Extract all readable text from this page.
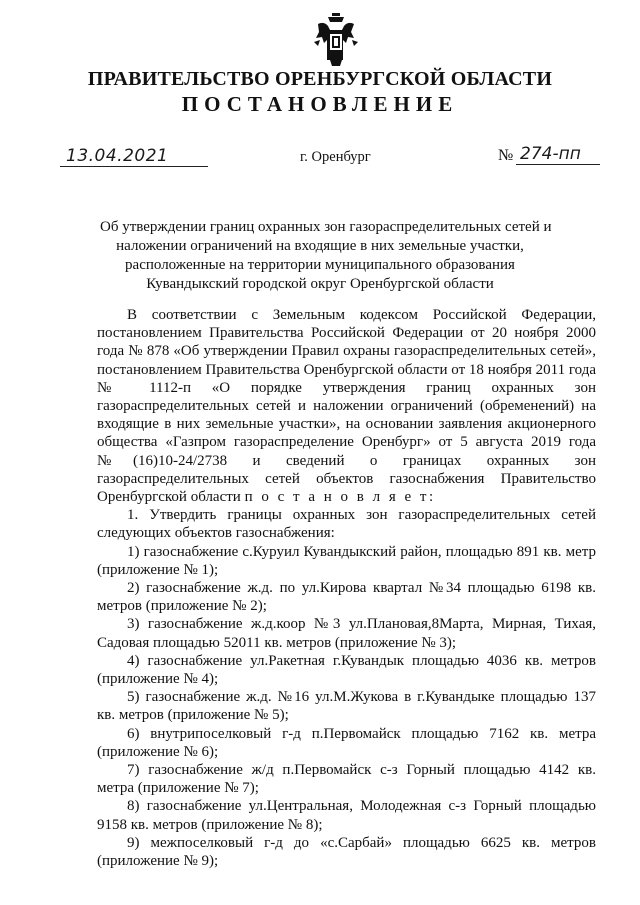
ПРАВИТЕЛЬСТВО ОРЕНБУРГСКОЙ ОБЛАСТИ
ПОСТАНОВЛЕНИЕ
13.04.2021	г. Оренбург	№ 274-пп
Об утверждении границ охранных зон газораспределительных сетей и
наложении ограничений на входящие в них земельные участки,
расположенные на территории муниципального образования
Кувандыкский городской округ Оренбургской области

В соответствии с Земельным кодексом Российской Федерации, постановлением Правительства Российской Федерации от 20 ноября 2000 года № 878 «Об утверждении Правил охраны газораспределительных сетей», постановлением Правительства Оренбургской области от 18 ноября 2011 года № 1112-п «О порядке утверждения границ охранных зон газораспределительных сетей и наложении ограничений (обременений) на входящие в них земельные участки», на основании заявления акционерного общества «Газпром газораспределение Оренбург» от 5 августа 2019 года №(16)10-24/2738 и сведений о границах охранных зон газораспределительных сетей объектов газоснабжения Правительство Оренбургской области п о с т а н о в л я е т:

1. Утвердить границы охранных зон газораспределительных сетей следующих объектов газоснабжения:

1) газоснабжение с.Куруил Кувандыкский район, площадью 891 кв. метр (приложение № 1);

2) газоснабжение ж.д. по ул.Кирова квартал №34 площадью 6198 кв. метров (приложение № 2);

3) газоснабжение ж.д.коор №3 ул.Плановая,8Марта, Мирная, Тихая, Садовая площадью 52011 кв. метров (приложение № 3);

4) газоснабжение ул.Ракетная г.Кувандык площадью 4036 кв. метров (приложение № 4);

5) газоснабжение ж.д. №16 ул.М.Жукова в г.Кувандыке площадью 137 кв. метров (приложение № 5);

6) внутрипоселковый г-д п.Первомайск площадью 7162 кв. метра (приложение № 6);

7) газоснабжение ж/д п.Первомайск с-з Горный площадью 4142 кв. метра (приложение № 7);

8) газоснабжение ул.Центральная, Молодежная с-з Горный площадью 9158 кв. метров (приложение № 8);

9) межпоселковый г-д до «с.Сарбай» площадью 6625 кв. метров (приложение № 9);
